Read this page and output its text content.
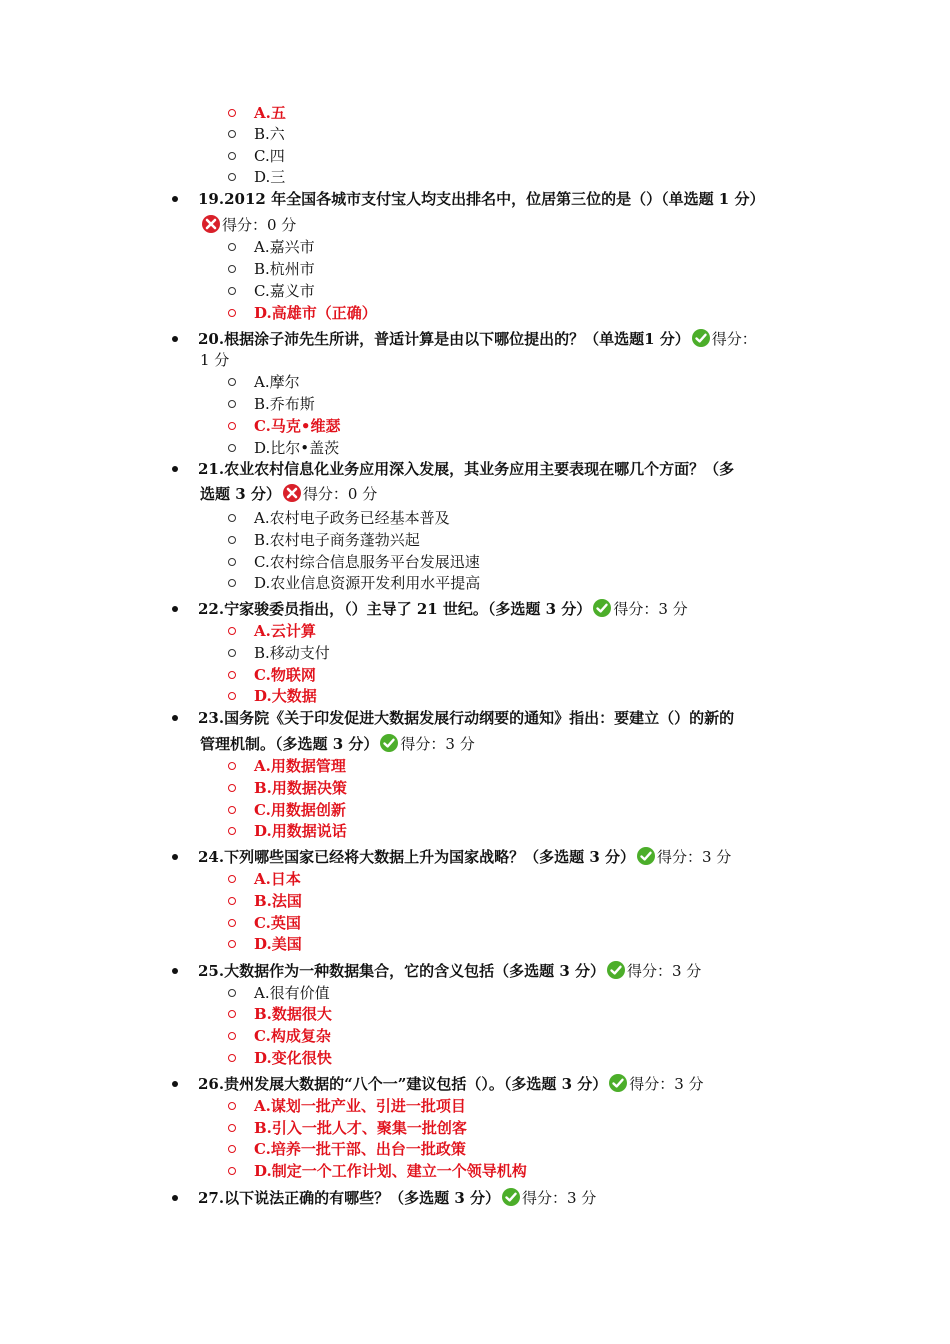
A.五
B.六
C.四
D.三
19.2012 年全国各城市支付宝人均支出排名中，位居第三位的是（）（单选题 1 分）
得分：0 分
A.嘉兴市
B.杭州市
C.嘉义市
D.高雄市（正确）
20.根据涂子沛先生所讲，普适计算是由以下哪位提出的？（单选题1 分） 得分：
1 分
A.摩尔
B.乔布斯
C.马克•维瑟
D.比尔•盖茨
21.农业农村信息化业务应用深入发展，其业务应用主要表现在哪几个方面？（多
选题 3 分） 得分：0 分
A.农村电子政务已经基本普及
B.农村电子商务蓬勃兴起
C.农村综合信息服务平台发展迅速
D.农业信息资源开发利用水平提高
22.宁家骏委员指出，（）主导了 21 世纪。（多选题 3 分） 得分：3 分
A.云计算
B.移动支付
C.物联网
D.大数据
23.国务院《关于印发促进大数据发展行动纲要的通知》指出：要建立（）的新的
管理机制。（多选题 3 分） 得分：3 分
A.用数据管理
B.用数据决策
C.用数据创新
D.用数据说话
24.下列哪些国家已经将大数据上升为国家战略？（多选题 3 分） 得分：3 分
A.日本
B.法国
C.英国
D.美国
25.大数据作为一种数据集合，它的含义包括（多选题 3 分） 得分：3 分
A.很有价值
B.数据很大
C.构成复杂
D.变化很快
26.贵州发展大数据的“八个一”建议包括（）。（多选题 3 分） 得分：3 分
A.谋划一批产业、引进一批项目
B.引入一批人才、聚集一批创客
C.培养一批干部、出台一批政策
D.制定一个工作计划、建立一个领导机构
27.以下说法正确的有哪些？（多选题 3 分） 得分：3 分
